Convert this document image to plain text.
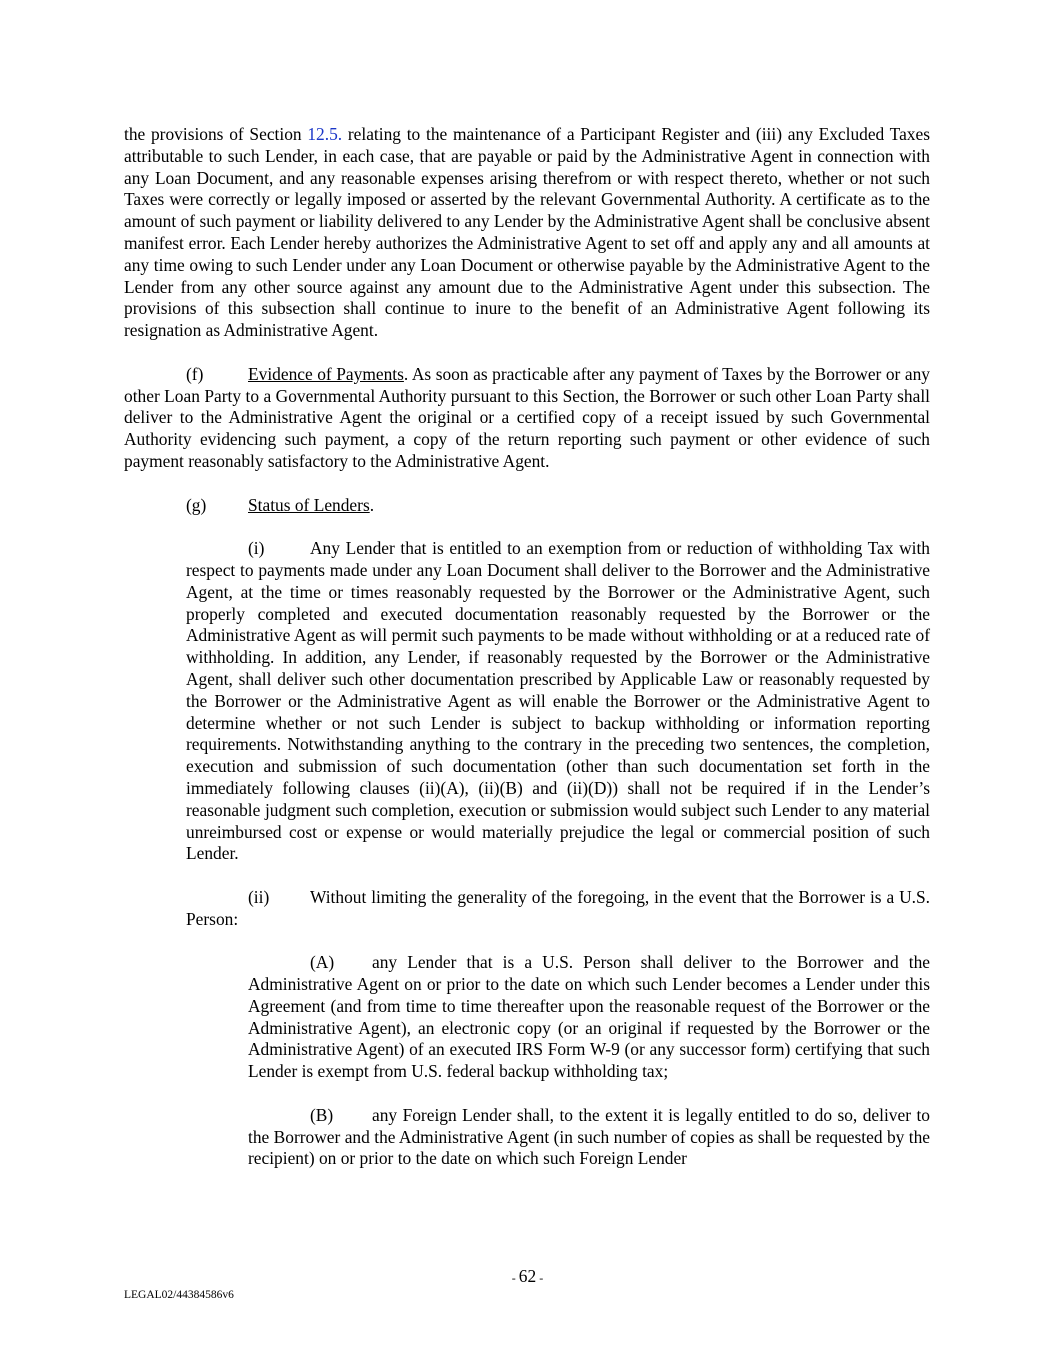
the provisions of Section 12.5. relating to the maintenance of a Participant Register and (iii) any Excluded Taxes attributable to such Lender, in each case, that are payable or paid by the Administrative Agent in connection with any Loan Document, and any reasonable expenses arising therefrom or with respect thereto, whether or not such Taxes were correctly or legally imposed or asserted by the relevant Governmental Authority. A certificate as to the amount of such payment or liability delivered to any Lender by the Administrative Agent shall be conclusive absent manifest error. Each Lender hereby authorizes the Administrative Agent to set off and apply any and all amounts at any time owing to such Lender under any Loan Document or otherwise payable by the Administrative Agent to the Lender from any other source against any amount due to the Administrative Agent under this subsection. The provisions of this subsection shall continue to inure to the benefit of an Administrative Agent following its resignation as Administrative Agent.

(f)	Evidence of Payments. As soon as practicable after any payment of Taxes by the Borrower or any other Loan Party to a Governmental Authority pursuant to this Section, the Borrower or such other Loan Party shall deliver to the Administrative Agent the original or a certified copy of a receipt issued by such Governmental Authority evidencing such payment, a copy of the return reporting such payment or other evidence of such payment reasonably satisfactory to the Administrative Agent.

(g) Status of Lenders.

(i)	Any Lender that is entitled to an exemption from or reduction of withholding Tax with respect to payments made under any Loan Document shall deliver to the Borrower and the Administrative Agent, at the time or times reasonably requested by the Borrower or the Administrative Agent, such properly completed and executed documentation reasonably requested by the Borrower or the Administrative Agent as will permit such payments to be made without withholding or at a reduced rate of withholding. In addition, any Lender, if reasonably requested by the Borrower or the Administrative Agent, shall deliver such other documentation prescribed by Applicable Law or reasonably requested by the Borrower or the Administrative Agent as will enable the Borrower or the Administrative Agent to determine whether or not such Lender is subject to backup withholding or information reporting requirements. Notwithstanding anything to the contrary in the preceding two sentences, the completion, execution and submission of such documentation (other than such documentation set forth in the immediately following clauses (ii)(A), (ii)(B) and (ii)(D)) shall not be required if in the Lender’s reasonable judgment such completion, execution or submission would subject such Lender to any material unreimbursed cost or expense or would materially prejudice the legal or commercial position of such Lender.

(ii) Without limiting the generality of the foregoing, in the event that the Borrower is a U.S. Person:

(A) any Lender that is a U.S. Person shall deliver to the Borrower and the Administrative Agent on or prior to the date on which such Lender becomes a Lender under this Agreement (and from time to time thereafter upon the reasonable request of the Borrower or the Administrative Agent), an electronic copy (or an original if requested by the Borrower or the Administrative Agent) of an executed IRS Form W-9 (or any successor form) certifying that such Lender is exempt from U.S. federal backup withholding tax;

(B) any Foreign Lender shall, to the extent it is legally entitled to do so, deliver to the Borrower and the Administrative Agent (in such number of copies as shall be requested by the recipient) on or prior to the date on which such Foreign Lender

- 62 -
LEGAL02/44384586v6
